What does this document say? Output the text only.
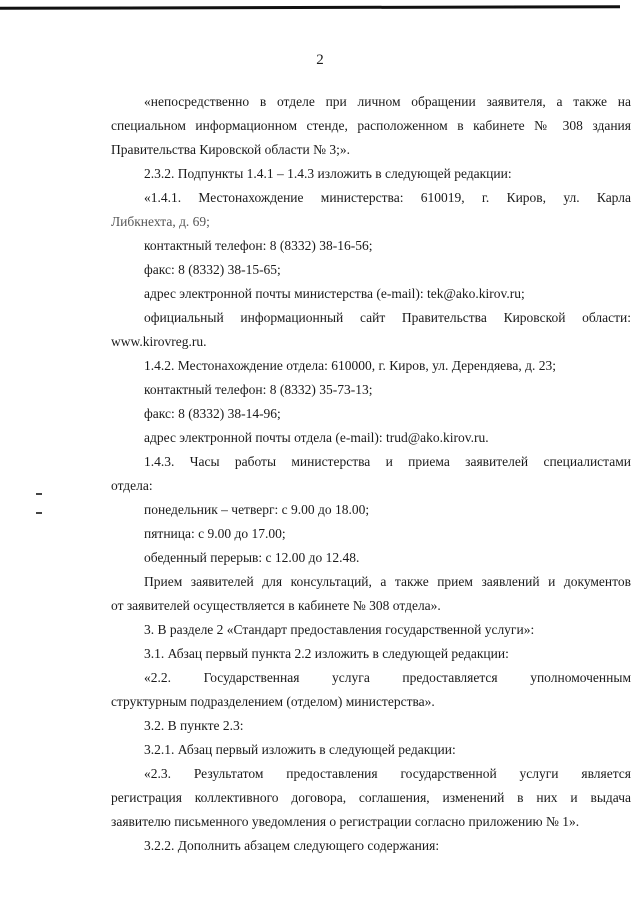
2

«непосредственно в отделе при личном обращении заявителя, а также на

специальном информационном стенде, расположенном в кабинете № 308 здания

Правительства Кировской области № 3;».

2.3.2. Подпункты 1.4.1 – 1.4.3 изложить в следующей редакции:

«1.4.1. Местонахождение министерства: 610019, г. Киров, ул. Карла

Либкнехта, д. 69;

контактный телефон: 8 (8332) 38-16-56;

факс: 8 (8332) 38-15-65;

адрес электронной почты министерства (e-mail): tek@ako.kirov.ru;

официальный информационный сайт Правительства Кировской области:

www.kirovreg.ru.

1.4.2. Местонахождение отдела: 610000, г. Киров, ул. Дерендяева, д. 23;

контактный телефон: 8 (8332) 35-73-13;

факс: 8 (8332) 38-14-96;

адрес электронной почты отдела (e-mail): trud@ako.kirov.ru.

1.4.3. Часы работы министерства и приема заявителей специалистами

отдела:

понедельник – четверг: с 9.00 до 18.00;

пятница: с 9.00 до 17.00;

обеденный перерыв: с 12.00 до 12.48.

Прием заявителей для консультаций, а также прием заявлений и документов

от заявителей осуществляется в кабинете № 308 отдела».

3. В разделе 2 «Стандарт предоставления государственной услуги»:

3.1. Абзац первый пункта 2.2 изложить в следующей редакции:

«2.2. Государственная услуга предоставляется уполномоченным

структурным подразделением (отделом) министерства».

3.2. В пункте 2.3:

3.2.1. Абзац первый изложить в следующей редакции:

«2.3. Результатом предоставления государственной услуги является

регистрация коллективного договора, соглашения, изменений в них и выдача

заявителю письменного уведомления о регистрации согласно приложению № 1».

3.2.2. Дополнить абзацем следующего содержания:
